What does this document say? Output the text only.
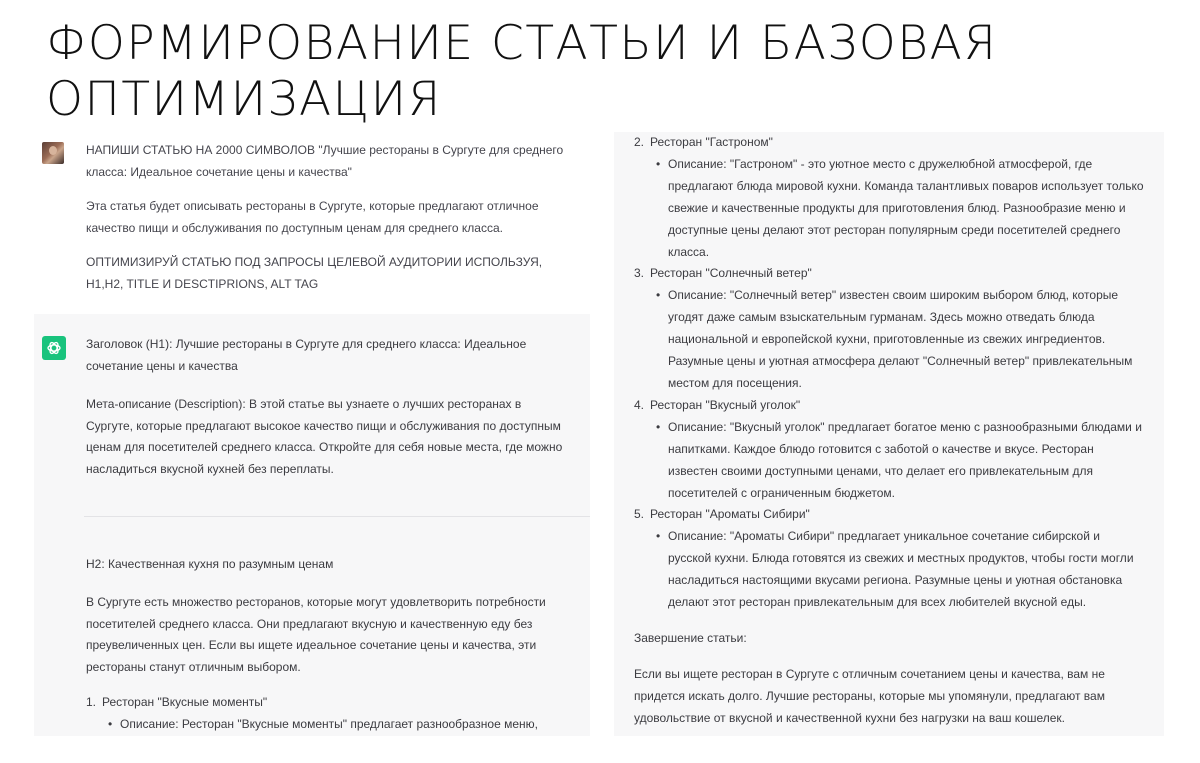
ФОРМИРОВАНИЕ СТАТЬИ И БАЗОВАЯ ОПТИМИЗАЦИЯ

НАПИШИ СТАТЬЮ НА 2000 СИМВОЛОВ "Лучшие рестораны в Сургуте для среднего класса: Идеальное сочетание цены и качества"

Эта статья будет описывать рестораны в Сургуте, которые предлагают отличное качество пищи и обслуживания по доступным ценам для среднего класса.

ОПТИМИЗИРУЙ СТАТЬЮ ПОД ЗАПРОСЫ ЦЕЛЕВОЙ АУДИТОРИИ ИСПОЛЬЗУЯ, H1,H2, TITLE И DESCTIPRIONS, ALT TAG

Заголовок (H1): Лучшие рестораны в Сургуте для среднего класса: Идеальное сочетание цены и качества

Мета-описание (Description): В этой статье вы узнаете о лучших ресторанах в Сургуте, которые предлагают высокое качество пищи и обслуживания по доступным ценам для посетителей среднего класса. Откройте для себя новые места, где можно насладиться вкусной кухней без переплаты.

H2: Качественная кухня по разумным ценам

В Сургуте есть множество ресторанов, которые могут удовлетворить потребности посетителей среднего класса. Они предлагают вкусную и качественную еду без преувеличенных цен. Если вы ищете идеальное сочетание цены и качества, эти рестораны станут отличным выбором.

1. Ресторан "Вкусные моменты"
• Описание: Ресторан "Вкусные моменты" предлагает разнообразное меню,
2. Ресторан "Гастроном"
• Описание: "Гастроном" - это уютное место с дружелюбной атмосферой, где предлагают блюда мировой кухни. Команда талантливых поваров использует только свежие и качественные продукты для приготовления блюд. Разнообразие меню и доступные цены делают этот ресторан популярным среди посетителей среднего класса.
3. Ресторан "Солнечный ветер"
• Описание: "Солнечный ветер" известен своим широким выбором блюд, которые угодят даже самым взыскательным гурманам. Здесь можно отведать блюда национальной и европейской кухни, приготовленные из свежих ингредиентов. Разумные цены и уютная атмосфера делают "Солнечный ветер" привлекательным местом для посещения.
4. Ресторан "Вкусный уголок"
• Описание: "Вкусный уголок" предлагает богатое меню с разнообразными блюдами и напитками. Каждое блюдо готовится с заботой о качестве и вкусе. Ресторан известен своими доступными ценами, что делает его привлекательным для посетителей с ограниченным бюджетом.
5. Ресторан "Ароматы Сибири"
• Описание: "Ароматы Сибири" предлагает уникальное сочетание сибирской и русской кухни. Блюда готовятся из свежих и местных продуктов, чтобы гости могли насладиться настоящими вкусами региона. Разумные цены и уютная обстановка делают этот ресторан привлекательным для всех любителей вкусной еды.
Завершение статьи:
Если вы ищете ресторан в Сургуте с отличным сочетанием цены и качества, вам не придется искать долго. Лучшие рестораны, которые мы упомянули, предлагают вам удовольствие от вкусной и качественной кухни без нагрузки на ваш кошелек.
